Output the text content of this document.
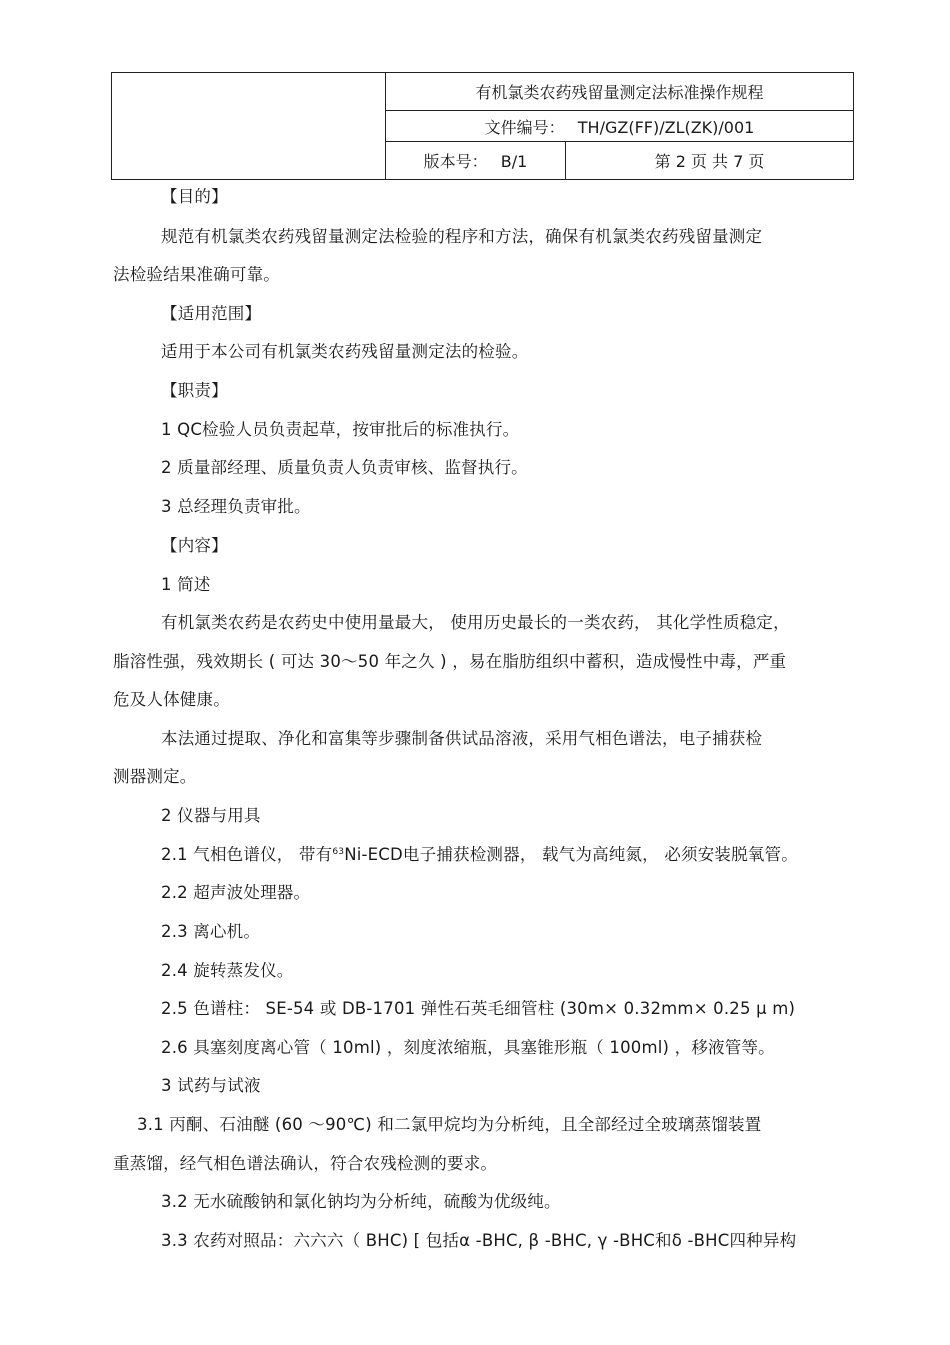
	有机氯类农药残留量测定法标准操作规程	
	文件编号： TH/GZ(FF)/ZL(ZK)/001	
	版本号： B/1	第 2 页 共 7 页
【目的】
规范有机氯类农药残留量测定法检验的程序和方法，确保有机氯类农药残留量测定
法检验结果准确可靠。
【适用范围】
适用于本公司有机氯类农药残留量测定法的检验。
【职责】
1 QC检验人员负责起草，按审批后的标准执行。
2 质量部经理、质量负责人负责审核、监督执行。
3 总经理负责审批。
【内容】
1 简述
有机氯类农药是农药史中使用量最大， 使用历史最长的一类农药， 其化学性质稳定，
脂溶性强，残效期长 ( 可达 30～50 年之久 ) ，易在脂肪组织中蓄积，造成慢性中毒，严重
危及人体健康。
本法通过提取、净化和富集等步骤制备供试品溶液，采用气相色谱法，电子捕获检
测器测定。
2 仪器与用具
2.1 气相色谱仪， 带有$^{63}$Ni-ECD电子捕获检测器， 载气为高纯氮， 必须安装脱氧管。
2.2 超声波处理器。
2.3 离心机。
2.4 旋转蒸发仪。
2.5 色谱柱： SE-54 或 DB-1701 弹性石英毛细管柱 (30m× 0.32mm× 0.25 μ m)
2.6 具塞刻度离心管（ 10ml) ，刻度浓缩瓶，具塞锥形瓶（ 100ml) ，移液管等。
3 试药与试液
3.1 丙酮、石油醚 (60 ～90℃) 和二氯甲烷均为分析纯，且全部经过全玻璃蒸馏装置
重蒸馏，经气相色谱法确认，符合农残检测的要求。
3.2 无水硫酸钠和氯化钠均为分析纯，硫酸为优级纯。
3.3 农药对照品：六六六（ BHC) [ 包括α -BHC, β -BHC, γ -BHC和δ -BHC四种异构
